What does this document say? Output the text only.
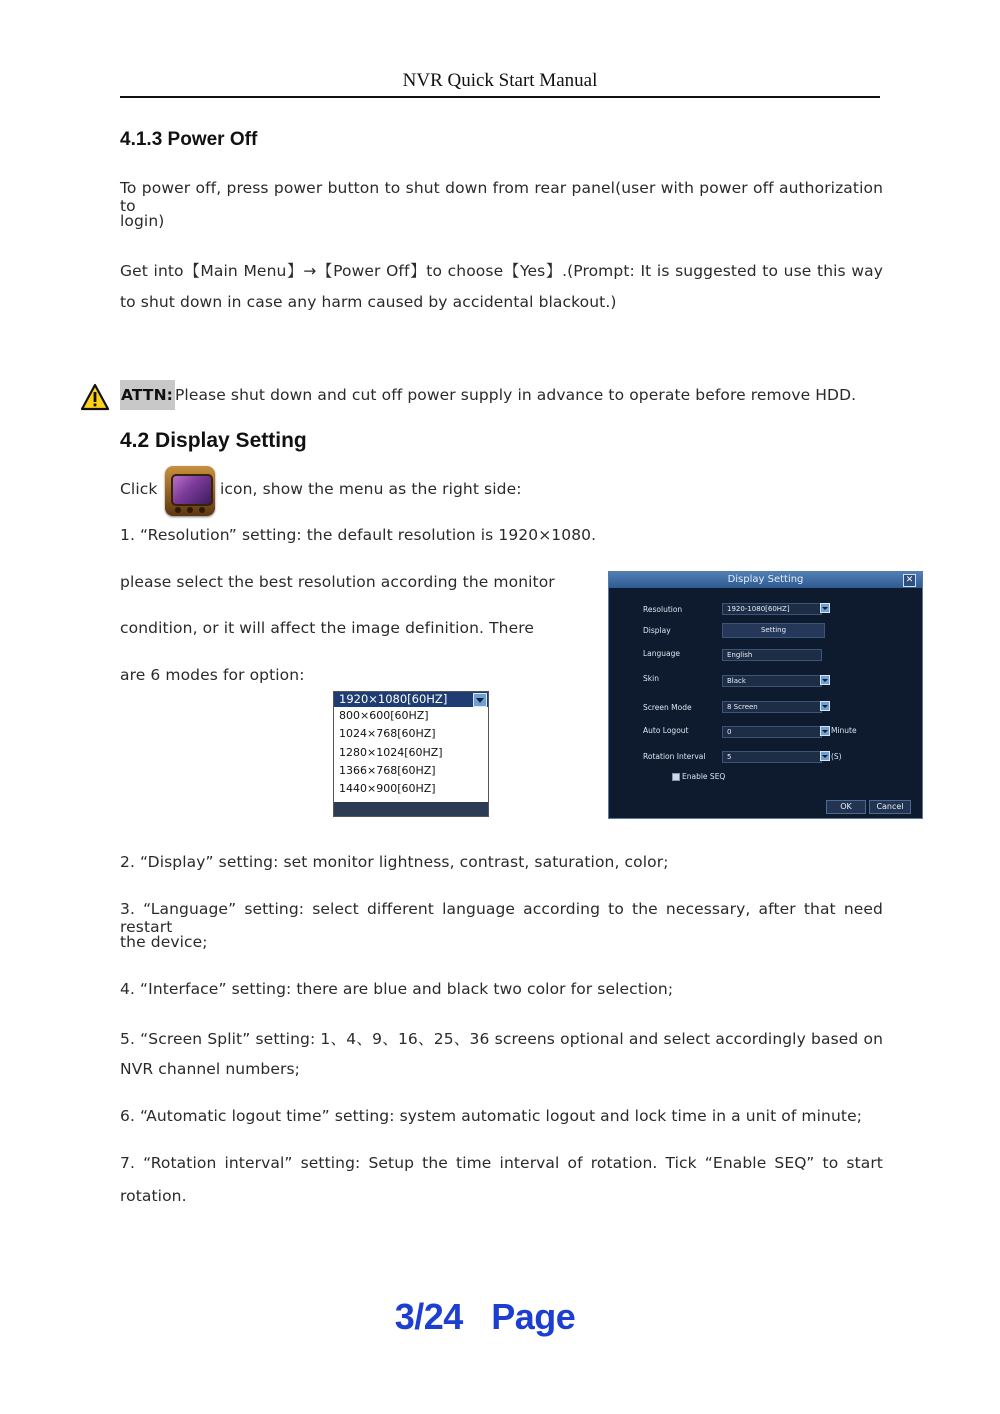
NVR Quick Start Manual
4.1.3 Power Off
To power off, press power button to shut down from rear panel(user with power off authorization to
login)
Get into【Main Menu】→【Power Off】to choose【Yes】.(Prompt: It is suggested to use this way
to shut down in case any harm caused by accidental blackout.)
ATTN: Please shut down and cut off power supply in advance to operate before remove HDD.
4.2 Display Setting
Click	icon, show the menu as the right side:
1. “Resolution” setting: the default resolution is 1920×1080.
please select the best resolution according the monitor
condition, or it will affect the image definition. There
are 6 modes for option:
1920×1080[60HZ]
800×600[60HZ]
1024×768[60HZ]
1280×1024[60HZ]
1366×768[60HZ]
1440×900[60HZ]
Display Setting	✕
Resolution	1920-1080[60HZ]
Display	Setting
Language	English
Skin	Black
Screen Mode	8 Screen
Auto Logout	0	Minute
Rotation Interval	5	(S)
Enable SEQ
OK	Cancel
2. “Display” setting: set monitor lightness, contrast, saturation, color;
3. “Language” setting: select different language according to the necessary, after that need restart
the device;
4. “Interface” setting: there are blue and black two color for selection;
5. “Screen Split” setting: 1、4、9、16、25、36 screens optional and select accordingly based on
NVR channel numbers;
6. “Automatic logout time” setting: system automatic logout and lock time in a unit of minute;
7. “Rotation interval” setting: Setup the time interval of rotation. Tick “Enable SEQ” to start
rotation.
3/24   Page
